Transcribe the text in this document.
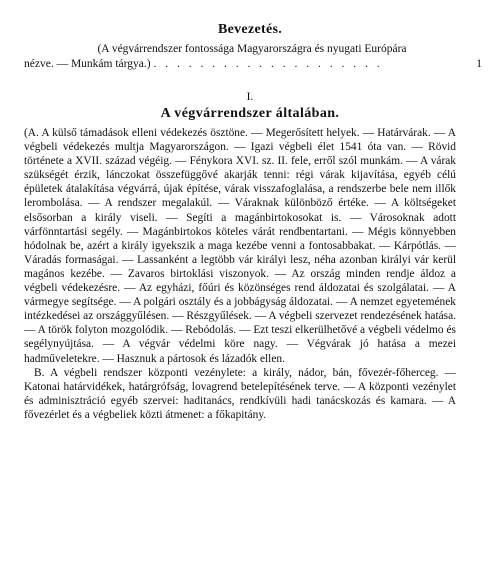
Bevezetés.
(A végvárrendszer fontossága Magyarországra és nyugati Európára
nézve. — Munkám tárgya.) . . . . . . . . . . . . . . . . . . . .	1
I.
A végvárrendszer általában.

(A. A külső támadások elleni védekezés ösztöne. — Megerősített helyek. — Határvárak. — A végbeli védekezés multja Magyarországon. — Igazi végbeli élet 1541 óta van. — Rövid története a XVII. század végéig. — Fénykora XVI. sz. II. fele, erről szól munkám. — A várak szükségét érzik, lánczokat összefüggővé akarják tenni: régi várak kijavítása, egyéb célú épületek átalakítása végvárrá, újak építése, várak visszafoglalása, a rendszerbe bele nem illők lerombolása. — A rendszer megalakúl. — Váraknak különböző értéke. — A költségeket elsősorban a király viseli. — Segíti a magánbirtokosokat is. — Városoknak adott várfönntartási segély. — Magánbirtokos köteles várát rendbentartani. — Mégis könnyebben hódolnak be, azért a király igyekszik a maga kezébe venni a fontosabbakat. — Kárpótlás. — Váradás formaságai. — Lassanként a legtöbb vár királyi lesz, néha azonban királyi vár kerül magános kezébe. — Zavaros birtoklási viszonyok. — Az ország minden rendje áldoz a végbeli védekezésre. — Az egyházi, főúri és közönséges rend áldozatai és szolgálatai. — A vármegye segítsége. — A polgári osztály és a jobbágyság áldozatai. — A nemzet egyetemének intézkedései az országgyűlésen. — Részgyűlések. — A végbeli szervezet rendezésének hatása. — A török folyton mozgolódik. — Rebódolás. — Ezt teszi elkerülhetővé a végbeli védelmo és segélynyújtása. — A végvár védelmi köre nagy. — Végvárak jó hatása a mezei hadműveletekre. — Hasznuk a pártosok és lázadók ellen.

B. A végbeli rendszer központi vezénylete: a király, nádor, bán, fővezér-főherceg. — Katonai határvidékek, határgrófság, lovagrend betelepítésének terve. — A központi vezénylet és adminisztráció egyéb szervei: haditanács, rendkívüli hadi tanácskozás és kamara. — A fővezérlet és a végbeliek közti átmenet: a főkapitány.
